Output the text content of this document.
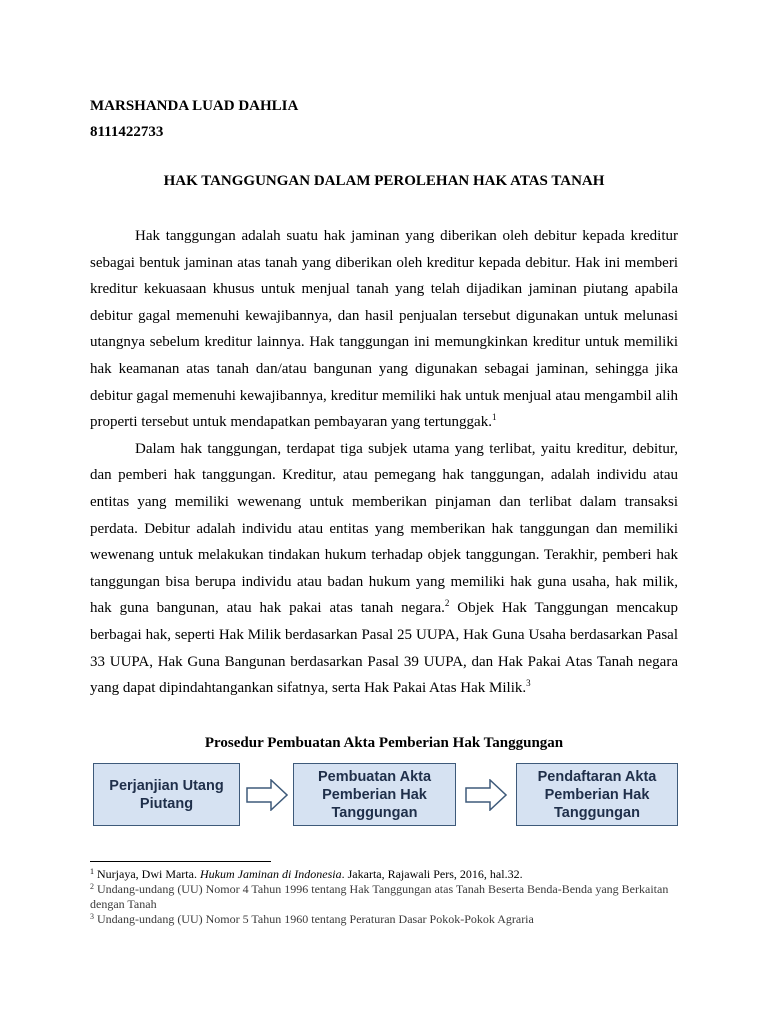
MARSHANDA LUAD DAHLIA
8111422733
HAK TANGGUNGAN DALAM PEROLEHAN HAK ATAS TANAH

Hak tanggungan adalah suatu hak jaminan yang diberikan oleh debitur kepada kreditur sebagai bentuk jaminan atas tanah yang diberikan oleh kreditur kepada debitur. Hak ini memberi kreditur kekuasaan khusus untuk menjual tanah yang telah dijadikan jaminan piutang apabila debitur gagal memenuhi kewajibannya, dan hasil penjualan tersebut digunakan untuk melunasi utangnya sebelum kreditur lainnya. Hak tanggungan ini memungkinkan kreditur untuk memiliki hak keamanan atas tanah dan/atau bangunan yang digunakan sebagai jaminan, sehingga jika debitur gagal memenuhi kewajibannya, kreditur memiliki hak untuk menjual atau mengambil alih properti tersebut untuk mendapatkan pembayaran yang tertunggak.$^1$

Dalam hak tanggungan, terdapat tiga subjek utama yang terlibat, yaitu kreditur, debitur, dan pemberi hak tanggungan. Kreditur, atau pemegang hak tanggungan, adalah individu atau entitas yang memiliki wewenang untuk memberikan pinjaman dan terlibat dalam transaksi perdata. Debitur adalah individu atau entitas yang memberikan hak tanggungan dan memiliki wewenang untuk melakukan tindakan hukum terhadap objek tanggungan. Terakhir, pemberi hak tanggungan bisa berupa individu atau badan hukum yang memiliki hak guna usaha, hak milik, hak guna bangunan, atau hak pakai atas tanah negara.$^2$ Objek Hak Tanggungan mencakup berbagai hak, seperti Hak Milik berdasarkan Pasal 25 UUPA, Hak Guna Usaha berdasarkan Pasal 33 UUPA, Hak Guna Bangunan berdasarkan Pasal 39 UUPA, dan Hak Pakai Atas Tanah negara yang dapat dipindahtangankan sifatnya, serta Hak Pakai Atas Hak Milik.$^3$

Prosedur Pembuatan Akta Pemberian Hak Tanggungan
Perjanjian Utang
Piutang
Pembuatan Akta
Pemberian Hak
Tanggungan
Pendaftaran Akta
Pemberian Hak
Tanggungan
$^1$ Nurjaya, Dwi Marta. Hukum Jaminan di Indonesia. Jakarta, Rajawali Pers, 2016, hal.32.
$^2$ Undang-undang (UU) Nomor 4 Tahun 1996 tentang Hak Tanggungan atas Tanah Beserta Benda-Benda yang Berkaitan dengan Tanah
$^3$ Undang-undang (UU) Nomor 5 Tahun 1960 tentang Peraturan Dasar Pokok-Pokok Agraria
